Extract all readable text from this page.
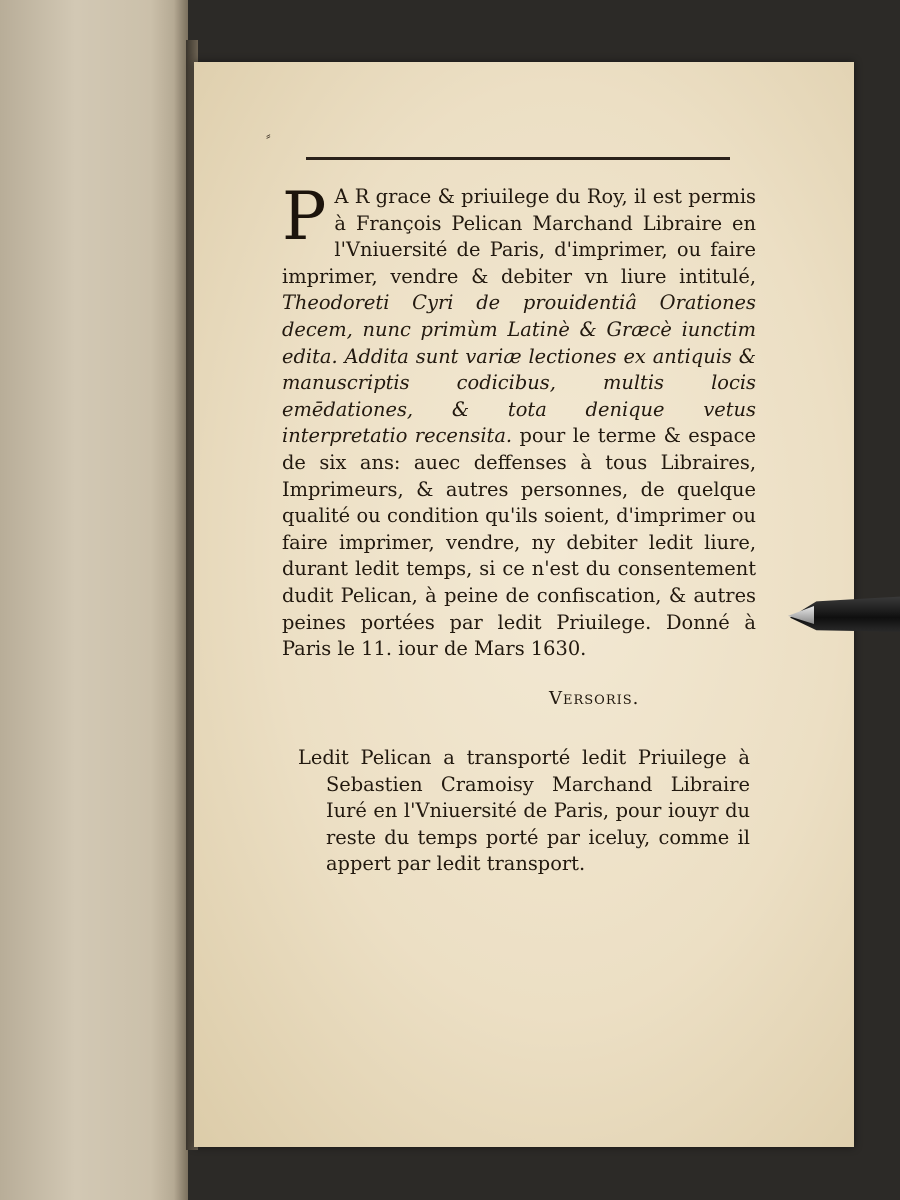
⸗
P A R grace & priuilege du Roy, il est permis à François Pelican Marchand Libraire en l'Vniuersité de Paris, d'imprimer, ou faire imprimer, vendre & debiter vn liure intitulé, Theodoreti Cyri de prouidentiâ Orationes decem, nunc primùm Latinè & Græcè iunctim edita. Addita sunt variæ lectiones ex antiquis & manuscriptis codicibus, multis locis emēdationes, & tota denique vetus interpretatio recensita. pour le terme & espace de six ans: auec deffenses à tous Libraires, Imprimeurs, & autres personnes, de quelque qualité ou condition qu'ils soient, d'imprimer ou faire imprimer, vendre, ny debiter ledit liure, durant ledit temps, si ce n'est du consentement dudit Pelican, à peine de confiscation, & autres peines portées par ledit Priuilege. Donné à Paris le 11. iour de Mars 1630.
Versoris.

Ledit Pelican a transporté ledit Priuilege à Sebastien Cramoisy Marchand Libraire Iuré en l'Vniuersité de Paris, pour iouyr du reste du temps porté par iceluy, comme il appert par ledit transport.
